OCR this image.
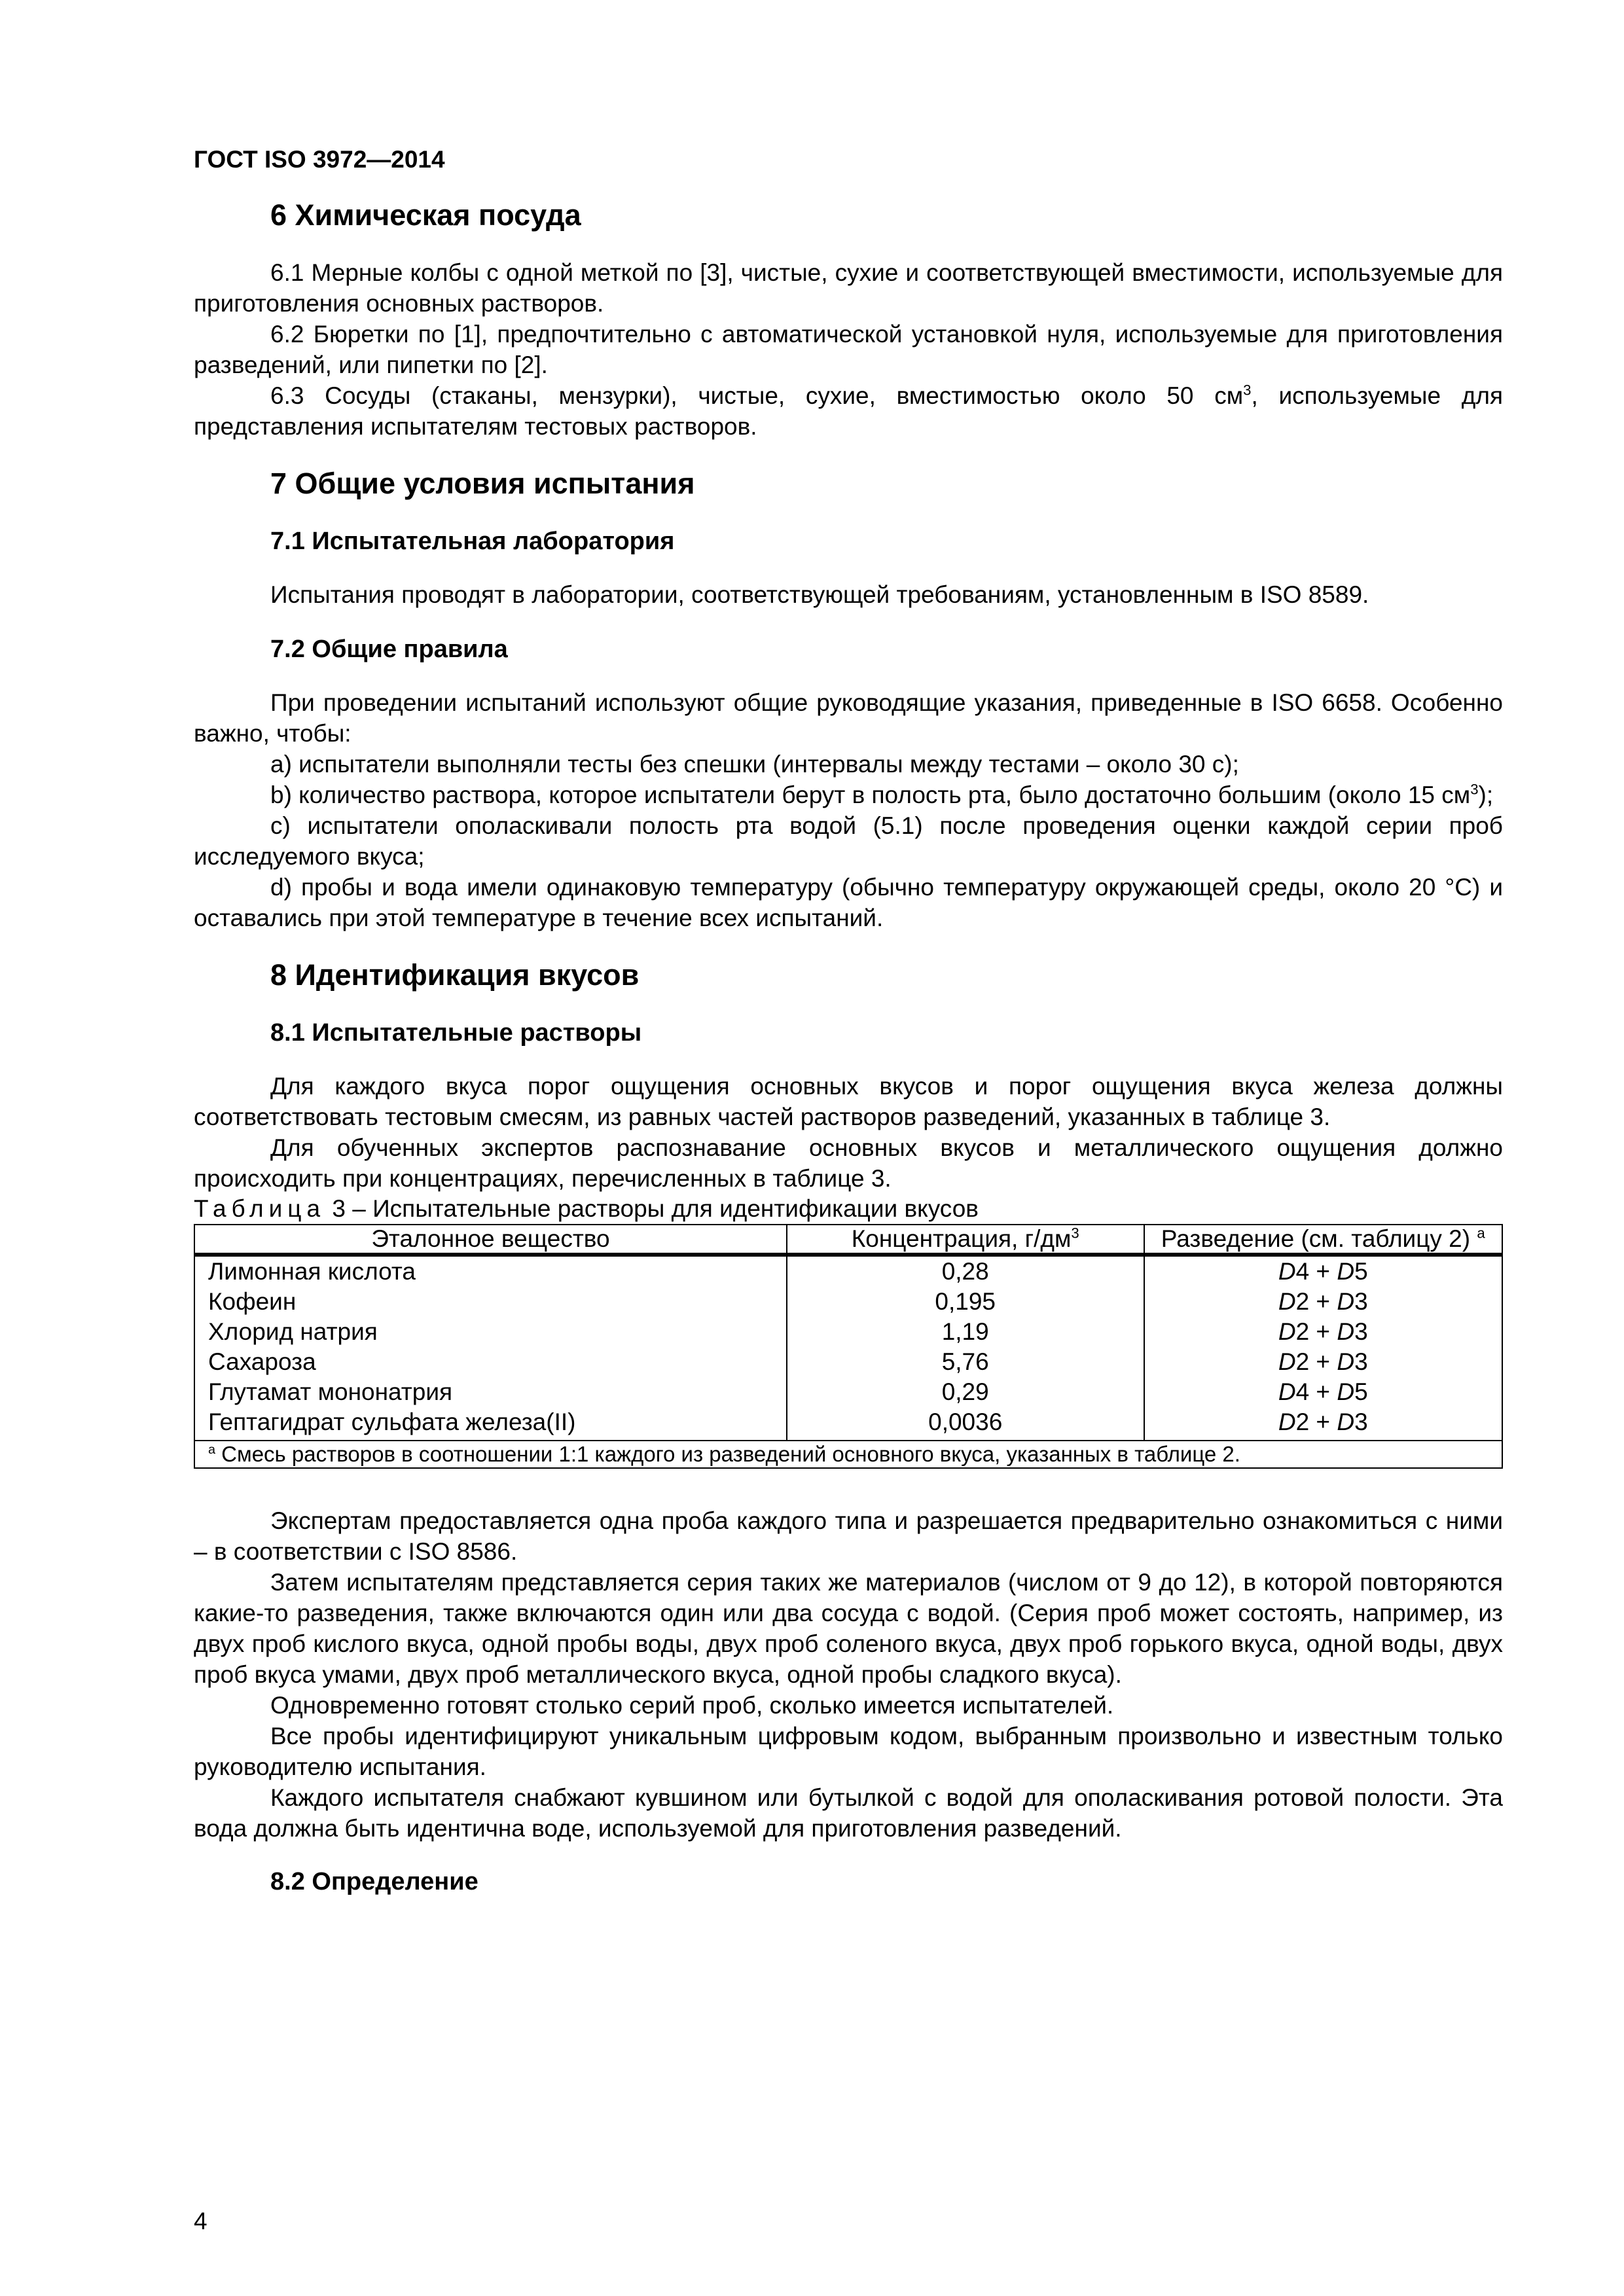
ГОСТ ISO 3972—2014
6 Химическая посуда

6.1 Мерные колбы с одной меткой по [3], чистые, сухие и соответствующей вместимости, используемые для приготовления основных растворов.

6.2 Бюретки по [1], предпочтительно с автоматической установкой нуля, используемые для приготовления разведений, или пипетки по [2].

6.3 Сосуды (стаканы, мензурки), чистые, сухие, вместимостью около 50 $см^3$, используемые для представления испытателям тестовых растворов.

7 Общие условия испытания
7.1 Испытательная лаборатория

Испытания проводят в лаборатории, соответствующей требованиям, установленным в ISO 8589.

7.2 Общие правила

При проведении испытаний используют общие руководящие указания, приведенные в ISO 6658. Особенно важно, чтобы:

a) испытатели выполняли тесты без спешки (интервалы между тестами – около 30 с);

b) количество раствора, которое испытатели берут в полость рта, было достаточно большим (около 15 $см^3$);

c) испытатели ополаскивали полость рта водой (5.1) после проведения оценки каждой серии проб исследуемого вкуса;

d) пробы и вода имели одинаковую температуру (обычно температуру окружающей среды, около 20 °С) и оставались при этой температуре в течение всех испытаний.

8 Идентификация вкусов
8.1 Испытательные растворы

Для каждого вкуса порог ощущения основных вкусов и порог ощущения вкуса железа должны соответствовать тестовым смесям, из равных частей растворов разведений, указанных в таблице 3.

Для обученных экспертов распознавание основных вкусов и металлического ощущения должно происходить при концентрациях, перечисленных в таблице 3.

Таблица 3 – Испытательные растворы для идентификации вкусов
Эталонное вещество	Концентрация, $г/дм^3$	Разведение (см. таблицу 2) $^a$
Лимонная кислота	0,28	D4 + D5
Кофеин	0,195	D2 + D3
Хлорид натрия	1,19	D2 + D3
Сахароза	5,76	D2 + D3
Глутамат мононатрия	0,29	D4 + D5
Гептагидрат сульфата железа(II)	0,0036	D2 + D3
$^a$ Смесь растворов в соотношении 1:1 каждого из разведений основного вкуса, указанных в таблице 2.		

Экспертам предоставляется одна проба каждого типа и разрешается предварительно ознакомиться с ними – в соответствии с ISO 8586.

Затем испытателям представляется серия таких же материалов (числом от 9 до 12), в которой повторяются какие-то разведения, также включаются один или два сосуда с водой. (Серия проб может состоять, например, из двух проб кислого вкуса, одной пробы воды, двух проб соленого вкуса, двух проб горького вкуса, одной воды, двух проб вкуса умами, двух проб металлического вкуса, одной пробы сладкого вкуса).

Одновременно готовят столько серий проб, сколько имеется испытателей.

Все пробы идентифицируют уникальным цифровым кодом, выбранным произвольно и известным только руководителю испытания.

Каждого испытателя снабжают кувшином или бутылкой с водой для ополаскивания ротовой полости. Эта вода должна быть идентична воде, используемой для приготовления разведений.

8.2 Определение
4
